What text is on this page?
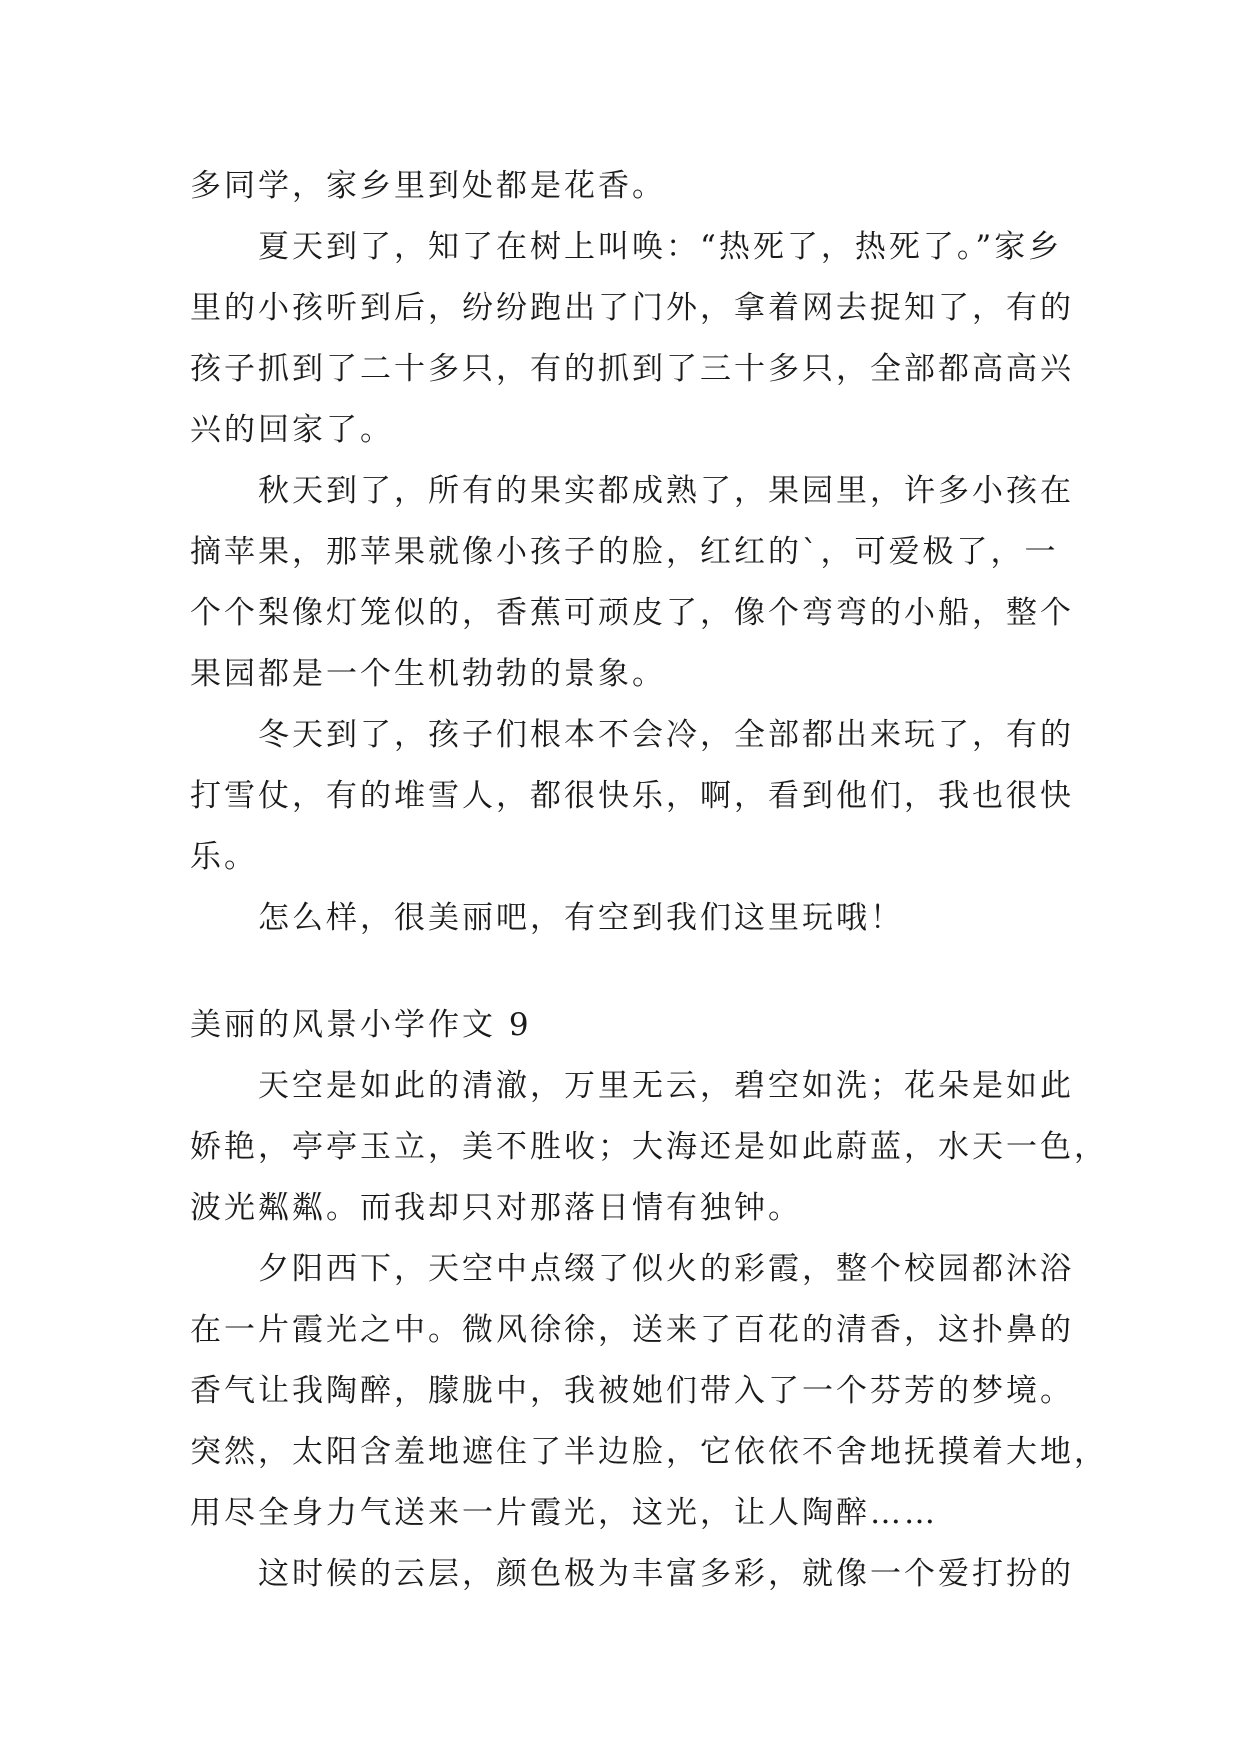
多同学，家乡里到处都是花香。
夏天到了，知了在树上叫唤：“热死了，热死了。”家乡
里的小孩听到后，纷纷跑出了门外，拿着网去捉知了，有的
孩子抓到了二十多只，有的抓到了三十多只，全部都高高兴
兴的回家了。
秋天到了，所有的果实都成熟了，果园里，许多小孩在
摘苹果，那苹果就像小孩子的脸，红红的`，可爱极了，一
个个梨像灯笼似的，香蕉可顽皮了，像个弯弯的小船，整个
果园都是一个生机勃勃的景象。
冬天到了，孩子们根本不会冷，全部都出来玩了，有的
打雪仗，有的堆雪人，都很快乐，啊，看到他们，我也很快
乐。
怎么样，很美丽吧，有空到我们这里玩哦！
美丽的风景小学作文 9
天空是如此的清澈，万里无云，碧空如洗；花朵是如此
娇艳，亭亭玉立，美不胜收；大海还是如此蔚蓝，水天一色，
波光粼粼。而我却只对那落日情有独钟。
夕阳西下，天空中点缀了似火的彩霞，整个校园都沐浴
在一片霞光之中。微风徐徐，送来了百花的清香，这扑鼻的
香气让我陶醉，朦胧中，我被她们带入了一个芬芳的梦境。
突然，太阳含羞地遮住了半边脸，它依依不舍地抚摸着大地，
用尽全身力气送来一片霞光，这光，让人陶醉……
这时候的云层，颜色极为丰富多彩，就像一个爱打扮的
